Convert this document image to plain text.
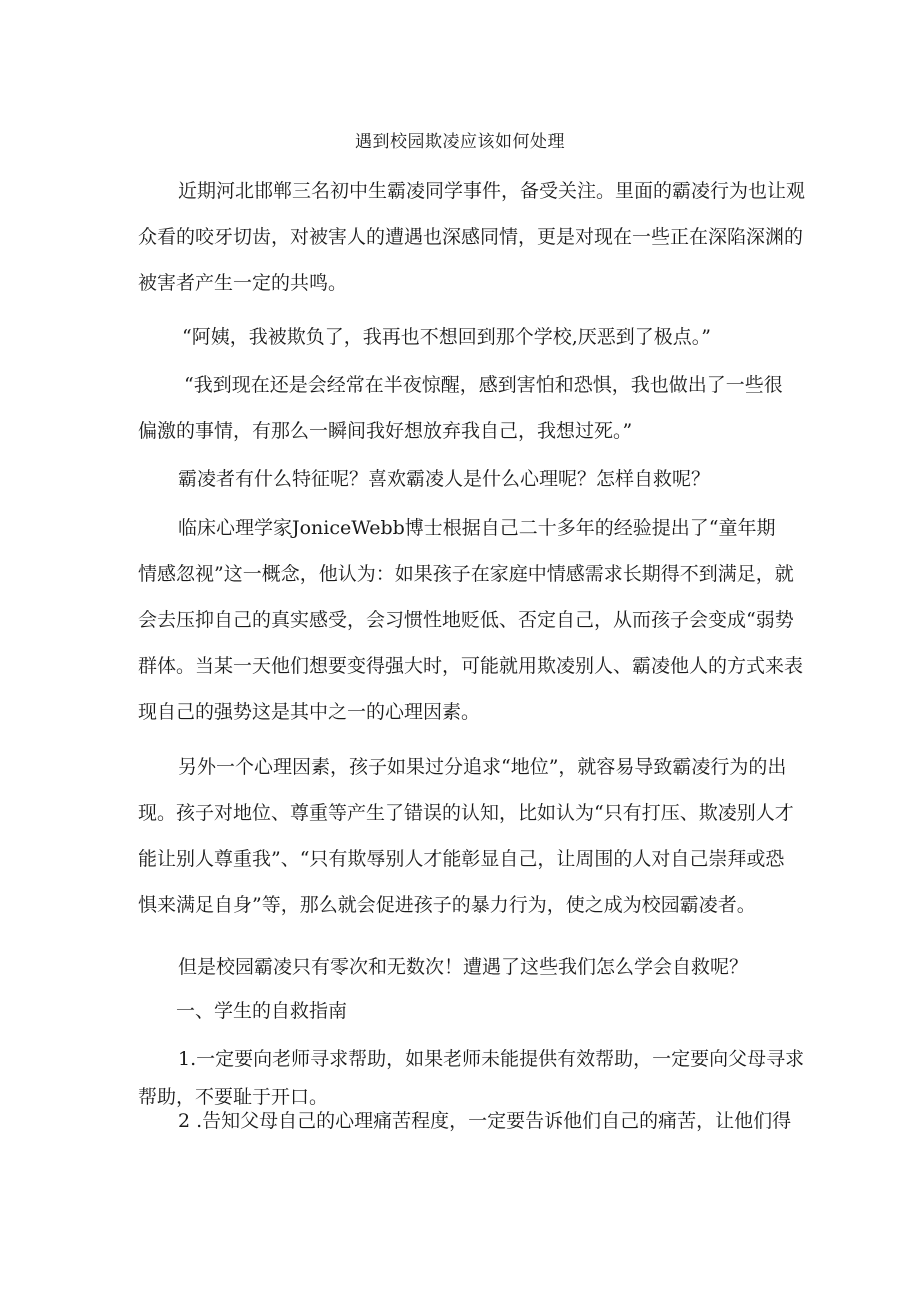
遇到校园欺凌应该如何处理

近期河北邯郸三名初中生霸凌同学事件，备受关注。里面的霸凌行为也让观
众看的咬牙切齿，对被害人的遭遇也深感同情，更是对现在一些正在深陷深渊的
被害者产生一定的共鸣。

“阿姨，我被欺负了，我再也不想回到那个学校,厌恶到了极点。”

“我到现在还是会经常在半夜惊醒，感到害怕和恐惧，我也做出了一些很
偏激的事情，有那么一瞬间我好想放弃我自己，我想过死。”

霸凌者有什么特征呢？喜欢霸凌人是什么心理呢？怎样自救呢？

临床心理学家JoniceWebb博士根据自己二十多年的经验提出了“童年期
情感忽视”这一概念，他认为：如果孩子在家庭中情感需求长期得不到满足，就
会去压抑自己的真实感受，会习惯性地贬低、否定自己，从而孩子会变成“弱势
群体。当某一天他们想要变得强大时，可能就用欺凌别人、霸凌他人的方式来表
现自己的强势这是其中之一的心理因素。

另外一个心理因素，孩子如果过分追求“地位”，就容易导致霸凌行为的出
现。孩子对地位、尊重等产生了错误的认知，比如认为“只有打压、欺凌别人才
能让别人尊重我”、“只有欺辱别人才能彰显自己，让周围的人对自己崇拜或恐
惧来满足自身”等，那么就会促进孩子的暴力行为，使之成为校园霸凌者。

但是校园霸凌只有零次和无数次！遭遇了这些我们怎么学会自救呢？

一、学生的自救指南

1.一定要向老师寻求帮助，如果老师未能提供有效帮助，一定要向父母寻求
帮助，不要耻于开口。

2 .告知父母自己的心理痛苦程度，一定要告诉他们自己的痛苦，让他们得
